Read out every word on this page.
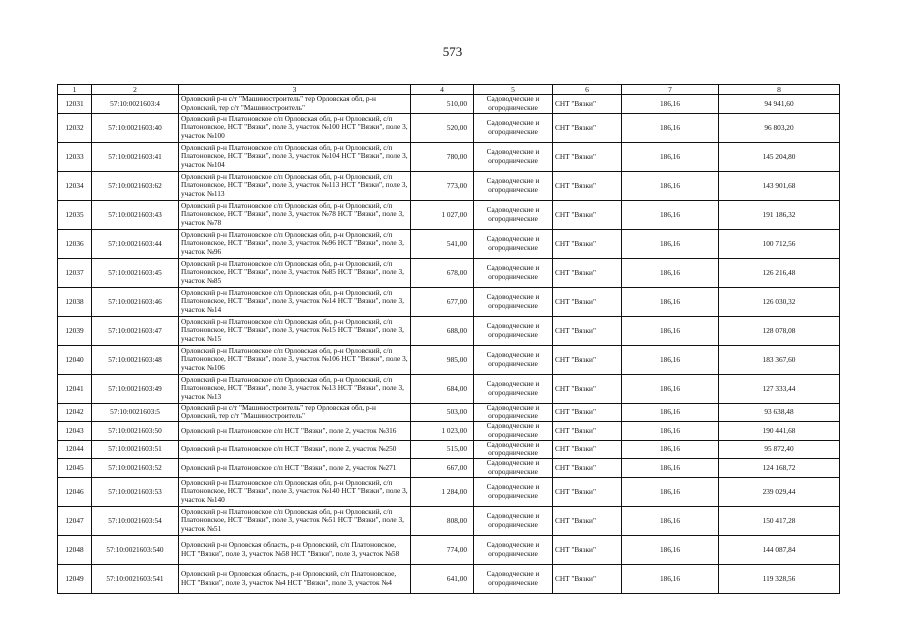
573
1	2	3	4	5	6	7	8
12031	57:10:0021603:4	Орловский р-н с/т "Машиностроитель" тер Орловская обл, р-н Орловский, тер с/т "Машиностроитель"	510,00	Садоводческие и огороднические	СНТ "Вязки"	186,16	94 941,60
12032	57:10:0021603:40	Орловский р-н Платоновское с/п Орловская обл, р-н Орловский, с/п Платоновское, НСТ "Вязки", поле 3, участок №100 НСТ "Вязки", поле 3, участок №100	520,00	Садоводческие и огороднические	СНТ "Вязки"	186,16	96 803,20
12033	57:10:0021603:41	Орловский р-н Платоновское с/п Орловская обл, р-н Орловский, с/п Платоновское, НСТ "Вязки", поле 3, участок №104 НСТ "Вязки", поле 3, участок №104	780,00	Садоводческие и огороднические	СНТ "Вязки"	186,16	145 204,80
12034	57:10:0021603:62	Орловский р-н Платоновское с/п Орловская обл, р-н Орловский, с/п Платоновское, НСТ "Вязки", поле 3, участок №113 НСТ "Вязки", поле 3, участок №113	773,00	Садоводческие и огороднические	СНТ "Вязки"	186,16	143 901,68
12035	57:10:0021603:43	Орловский р-н Платоновское с/п Орловская обл, р-н Орловский, с/п Платоновское, НСТ "Вязки", поле 3, участок №78 НСТ "Вязки", поле 3, участок №78	1 027,00	Садоводческие и огороднические	СНТ "Вязки"	186,16	191 186,32
12036	57:10:0021603:44	Орловский р-н Платоновское с/п Орловская обл, р-н Орловский, с/п Платоновское, НСТ "Вязки", поле 3, участок №96 НСТ "Вязки", поле 3, участок №96	541,00	Садоводческие и огороднические	СНТ "Вязки"	186,16	100 712,56
12037	57:10:0021603:45	Орловский р-н Платоновское с/п Орловская обл, р-н Орловский, с/п Платоновское, НСТ "Вязки", поле 3, участок №85 НСТ "Вязки", поле 3, участок №85	678,00	Садоводческие и огороднические	СНТ "Вязки"	186,16	126 216,48
12038	57:10:0021603:46	Орловский р-н Платоновское с/п Орловская обл, р-н Орловский, с/п Платоновское, НСТ "Вязки", поле 3, участок №14 НСТ "Вязки", поле 3, участок №14	677,00	Садоводческие и огороднические	СНТ "Вязки"	186,16	126 030,32
12039	57:10:0021603:47	Орловский р-н Платоновское с/п Орловская обл, р-н Орловский, с/п Платоновское, НСТ "Вязки", поле 3, участок №15 НСТ "Вязки", поле 3, участок №15	688,00	Садоводческие и огороднические	СНТ "Вязки"	186,16	128 078,08
12040	57:10:0021603:48	Орловский р-н Платоновское с/п Орловская обл, р-н Орловский, с/п Платоновское, НСТ "Вязки", поле 3, участок №106 НСТ "Вязки", поле 3, участок №106	985,00	Садоводческие и огороднические	СНТ "Вязки"	186,16	183 367,60
12041	57:10:0021603:49	Орловский р-н Платоновское с/п Орловская обл, р-н Орловский, с/п Платоновское, НСТ "Вязки", поле 3, участок №13 НСТ "Вязки", поле 3, участок №13	684,00	Садоводческие и огороднические	СНТ "Вязки"	186,16	127 333,44
12042	57:10:0021603:5	Орловский р-н с/т "Машиностроитель" тер Орловская обл, р-н Орловский, тер с/т "Машиностроитель"	503,00	Садоводческие и огороднические	СНТ "Вязки"	186,16	93 638,48
12043	57:10:0021603:50	Орловский р-н Платоновское с/п НСТ "Вязки", поле 2, участок №316	1 023,00	Садоводческие и огороднические	СНТ "Вязки"	186,16	190 441,68
12044	57:10:0021603:51	Орловский р-н Платоновское с/п НСТ "Вязки", поле 2, участок №250	515,00	Садоводческие и огороднические	СНТ "Вязки"	186,16	95 872,40
12045	57:10:0021603:52	Орловский р-н Платоновское с/п НСТ "Вязки", поле 2, участок №271	667,00	Садоводческие и огороднические	СНТ "Вязки"	186,16	124 168,72
12046	57:10:0021603:53	Орловский р-н Платоновское с/п Орловская обл, р-н Орловский, с/п Платоновское, НСТ "Вязки", поле 3, участок №140 НСТ "Вязки", поле 3, участок №140	1 284,00	Садоводческие и огороднические	СНТ "Вязки"	186,16	239 029,44
12047	57:10:0021603:54	Орловский р-н Платоновское с/п Орловская обл, р-н Орловский, с/п Платоновское, НСТ "Вязки", поле 3, участок №51 НСТ "Вязки", поле 3, участок №51	808,00	Садоводческие и огороднические	СНТ "Вязки"	186,16	150 417,28
12048	57:10:0021603:540	Орловский р-н Орловская область, р-н Орловский, с/п Платоновское, НСТ "Вязки", поле 3, участок №58 НСТ "Вязки", поле 3, участок №58	774,00	Садоводческие и огороднические	СНТ "Вязки"	186,16	144 087,84
12049	57:10:0021603:541	Орловский р-н Орловская область, р-н Орловский, с/п Платоновское, НСТ "Вязки", поле 3, участок №4 НСТ "Вязки", поле 3, участок №4	641,00	Садоводческие и огороднические	СНТ "Вязки"	186,16	119 328,56
